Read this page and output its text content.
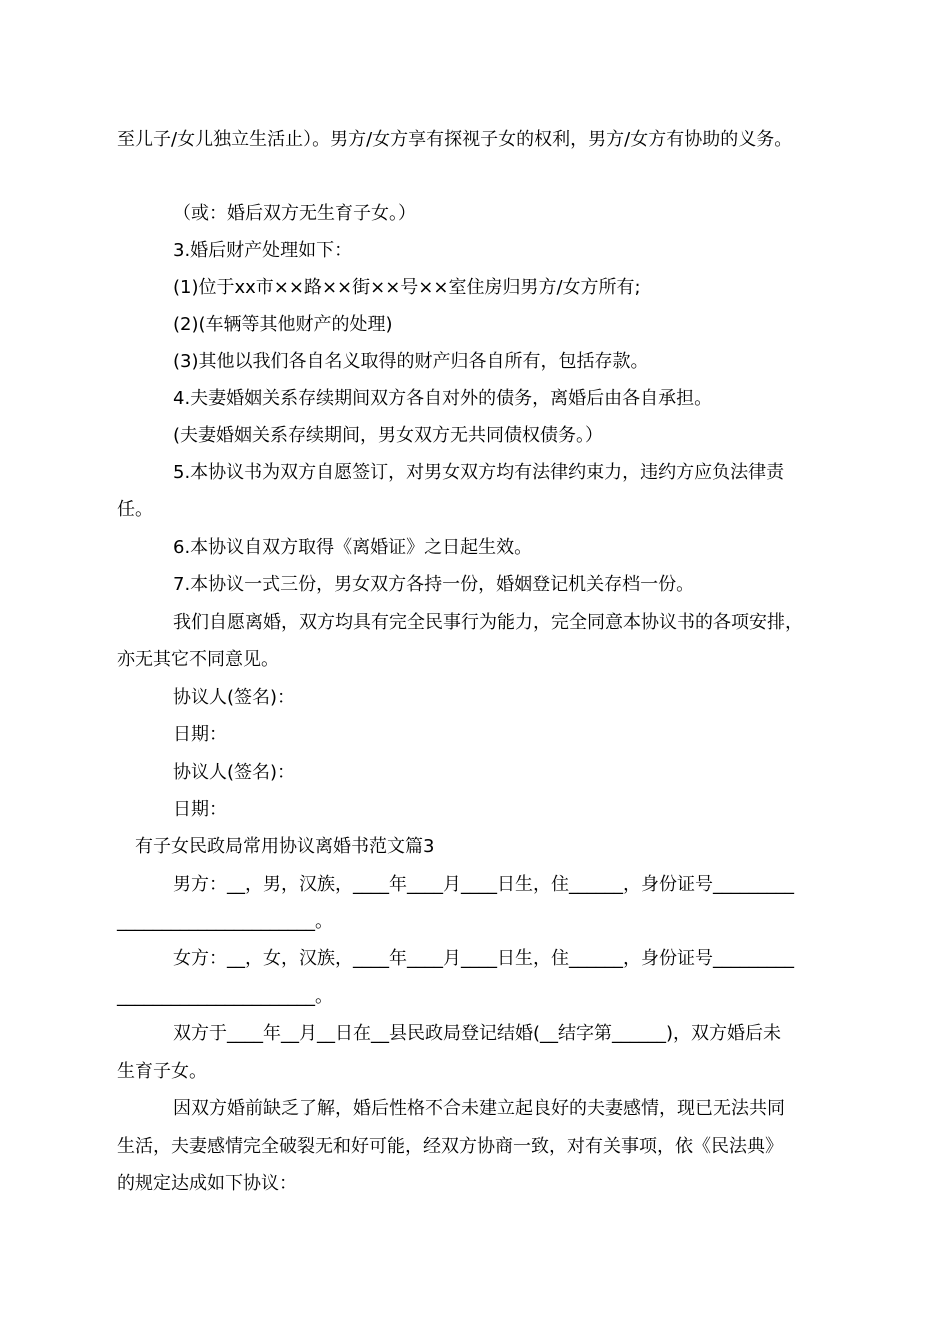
至儿子/女儿独立生活止）。男方/女方享有探视子女的权利，男方/女方有协助的义务。
（或：婚后双方无生育子女。）
3.婚后财产处理如下：
(1)位于xx市××路××街××号××室住房归男方/女方所有;
(2)(车辆等其他财产的处理)
(3)其他以我们各自名义取得的财产归各自所有，包括存款。
4.夫妻婚姻关系存续期间双方各自对外的债务，离婚后由各自承担。
(夫妻婚姻关系存续期间，男女双方无共同债权债务。）
5.本协议书为双方自愿签订，对男女双方均有法律约束力，违约方应负法律责
任。
6.本协议自双方取得《离婚证》之日起生效。
7.本协议一式三份，男女双方各持一份，婚姻登记机关存档一份。
我们自愿离婚，双方均具有完全民事行为能力，完全同意本协议书的各项安排，
亦无其它不同意见。
协议人(签名)：
日期：
协议人(签名)：
日期：
有子女民政局常用协议离婚书范文篇3
男方：__，男，汉族，____年____月____日生，住______，身份证号_________
______________________。
女方：__，女，汉族，____年____月____日生，住______，身份证号_________
______________________。
双方于____年__月__日在__县民政局登记结婚(__结字第______)，双方婚后未
生育子女。
因双方婚前缺乏了解，婚后性格不合未建立起良好的夫妻感情，现已无法共同
生活，夫妻感情完全破裂无和好可能，经双方协商一致，对有关事项，依《民法典》
的规定达成如下协议：
